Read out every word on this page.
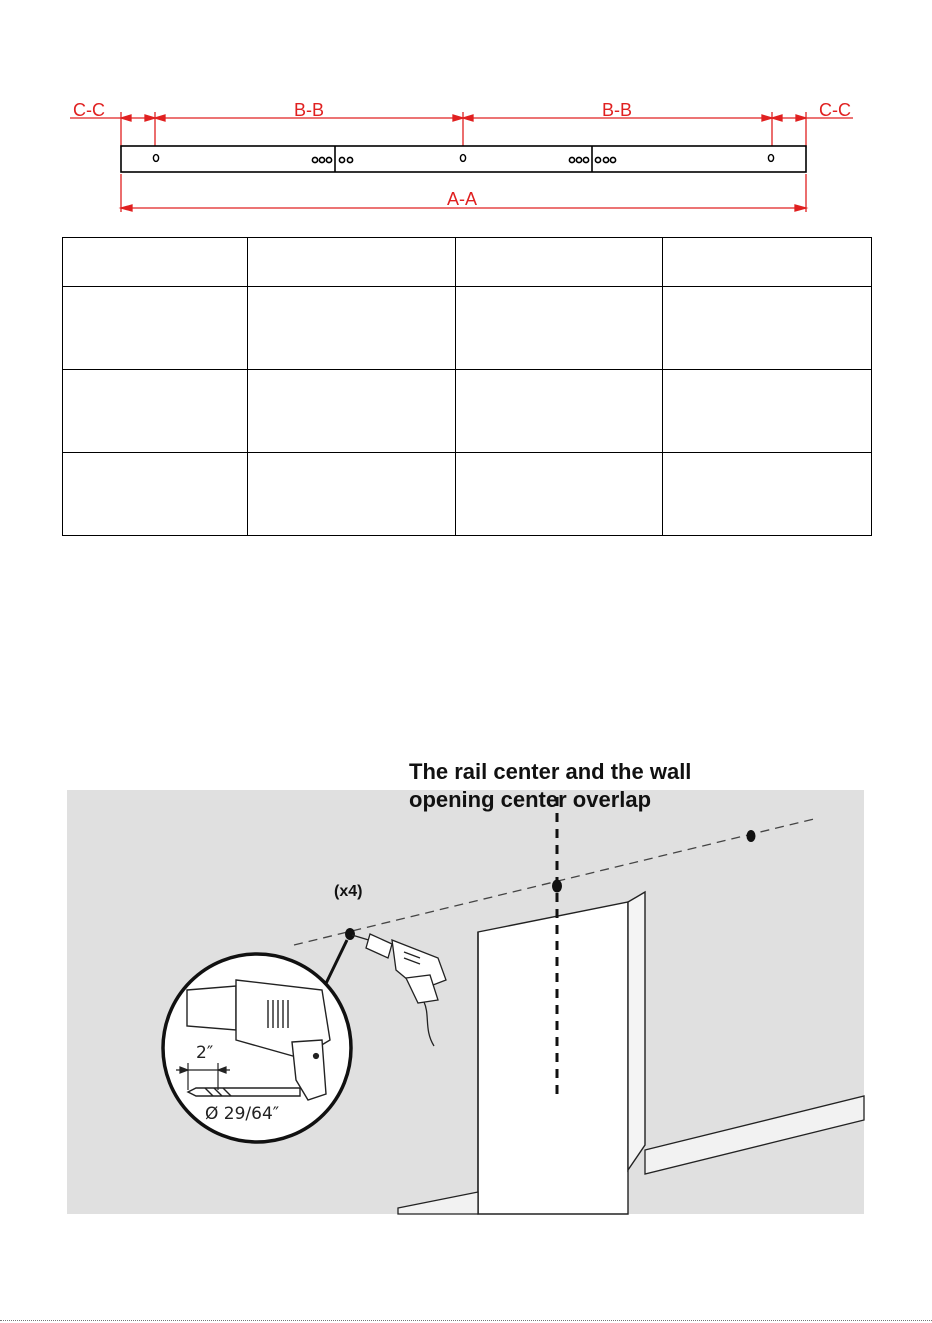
C-C	B-B	B-B	C-C
A-A

The rail center and the wall
opening center overlap
(x4)
2″
Ø 29/64″
